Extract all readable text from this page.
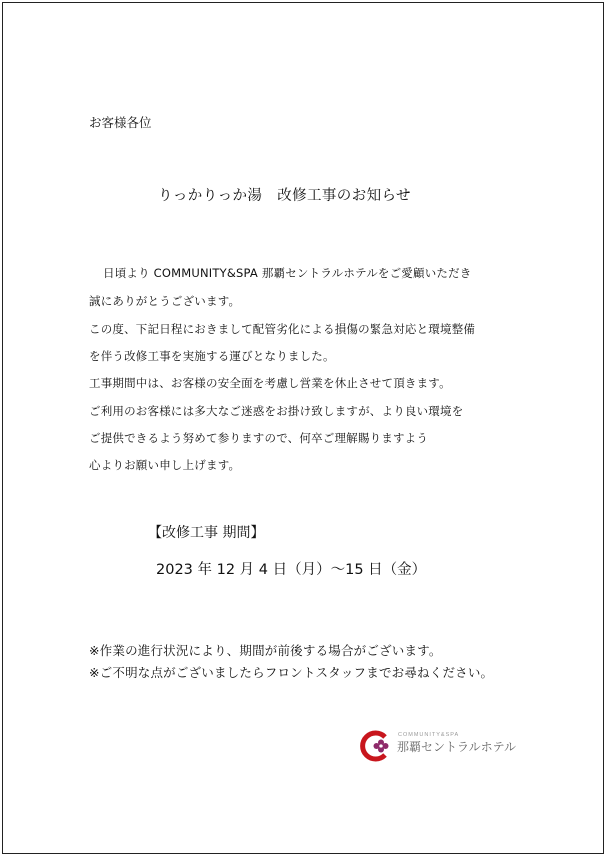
お客様各位
りっかりっか湯　改修工事のお知らせ
日頃より COMMUNITY&SPA 那覇セントラルホテルをご愛顧いただき
誠にありがとうございます。
この度、下記日程におきまして配管劣化による損傷の緊急対応と環境整備
を伴う改修工事を実施する運びとなりました。
工事期間中は、お客様の安全面を考慮し営業を休止させて頂きます。
ご利用のお客様には多大なご迷惑をお掛け致しますが、より良い環境を
ご提供できるよう努めて参りますので、何卒ご理解賜りますよう
心よりお願い申し上げます。
【改修工事 期間】
2023 年 12 月 4 日（月）～15 日（金）
※作業の進行状況により、期間が前後する場合がございます。
※ご不明な点がございましたらフロントスタッフまでお尋ねください。
COMMUNITY&SPA
那覇セントラルホテル
